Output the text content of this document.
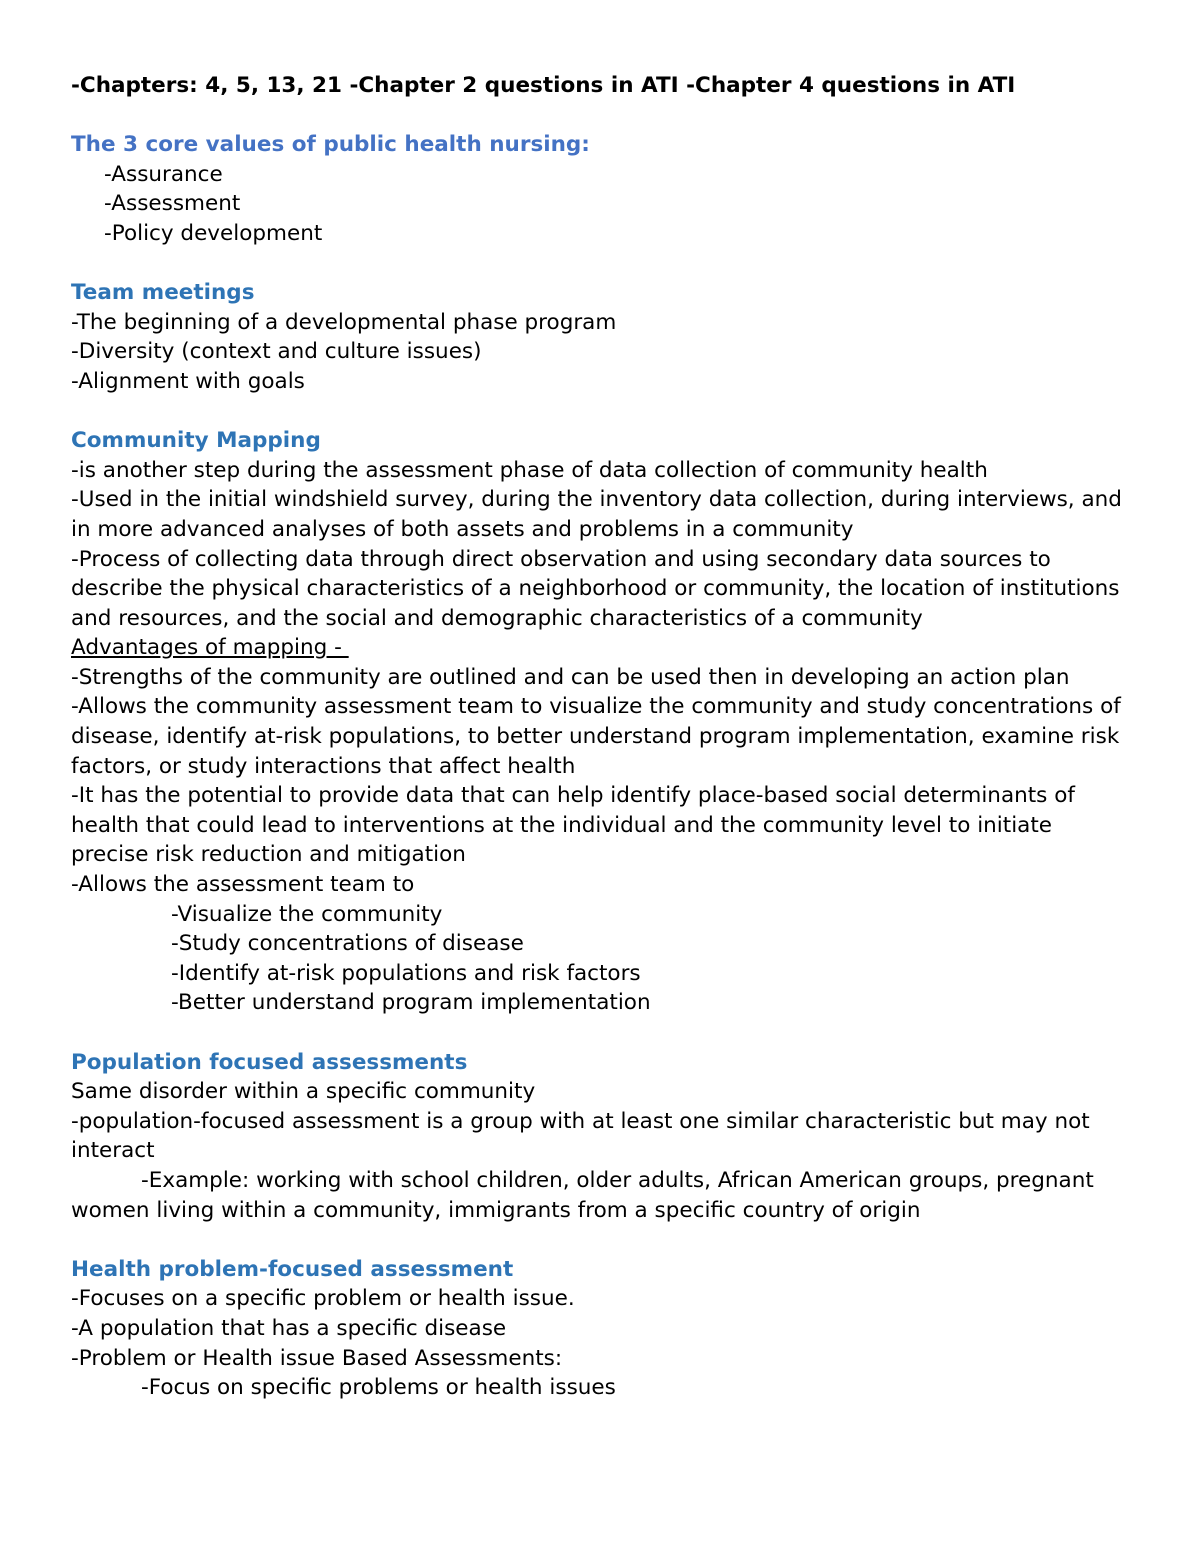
-Chapters: 4, 5, 13, 21 -Chapter 2 questions in ATI -Chapter 4 questions in ATI

The 3 core values of public health nursing:

-Assurance

-Assessment

-Policy development

Team meetings

-The beginning of a developmental phase program

-Diversity (context and culture issues)

-Alignment with goals

Community Mapping

-is another step during the assessment phase of data collection of community health

-Used in the initial windshield survey, during the inventory data collection, during interviews, and in more advanced analyses of both assets and problems in a community

-Process of collecting data through direct observation and using secondary data sources to describe the physical characteristics of a neighborhood or community, the location of institutions and resources, and the social and demographic characteristics of a community

Advantages of mapping -

-Strengths of the community are outlined and can be used then in developing an action plan

-Allows the community assessment team to visualize the community and study concentrations of disease, identify at-risk populations, to better understand program implementation, examine risk factors, or study interactions that affect health

-It has the potential to provide data that can help identify place-based social determinants of health that could lead to interventions at the individual and the community level to initiate precise risk reduction and mitigation

-Allows the assessment team to

-Visualize the community

-Study concentrations of disease

-Identify at-risk populations and risk factors

-Better understand program implementation

Population focused assessments

Same disorder within a specific community

-population-focused assessment is a group with at least one similar characteristic but may not interact

-Example: working with school children, older adults, African American groups, pregnant women living within a community, immigrants from a specific country of origin

Health problem-focused assessment

-Focuses on a specific problem or health issue.

-A population that has a specific disease

-Problem or Health issue Based Assessments:

-Focus on specific problems or health issues
